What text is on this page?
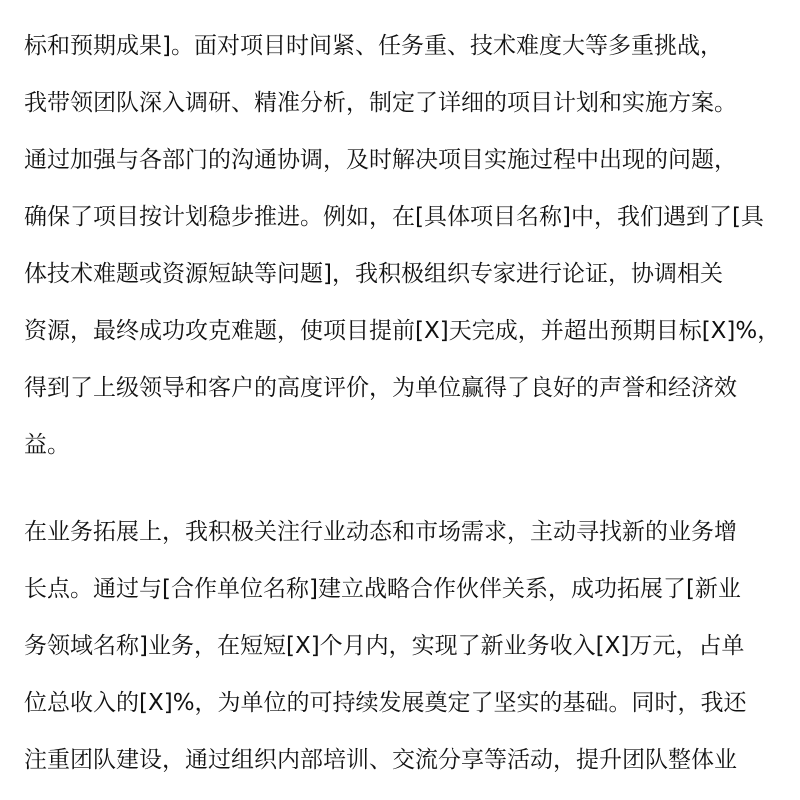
标和预期成果]。面对项目时间紧、任务重、技术难度大等多重挑战，
我带领团队深入调研、精准分析，制定了详细的项目计划和实施方案。
通过加强与各部门的沟通协调，及时解决项目实施过程中出现的问题，
确保了项目按计划稳步推进。例如，在[具体项目名称]中，我们遇到了[具
体技术难题或资源短缺等问题]，我积极组织专家进行论证，协调相关
资源，最终成功攻克难题，使项目提前[X]天完成，并超出预期目标[X]%，
得到了上级领导和客户的高度评价，为单位赢得了良好的声誉和经济效
益。
在业务拓展上，我积极关注行业动态和市场需求，主动寻找新的业务增
长点。通过与[合作单位名称]建立战略合作伙伴关系，成功拓展了[新业
务领域名称]业务，在短短[X]个月内，实现了新业务收入[X]万元，占单
位总收入的[X]%，为单位的可持续发展奠定了坚实的基础。同时，我还
注重团队建设，通过组织内部培训、交流分享等活动，提升团队整体业
